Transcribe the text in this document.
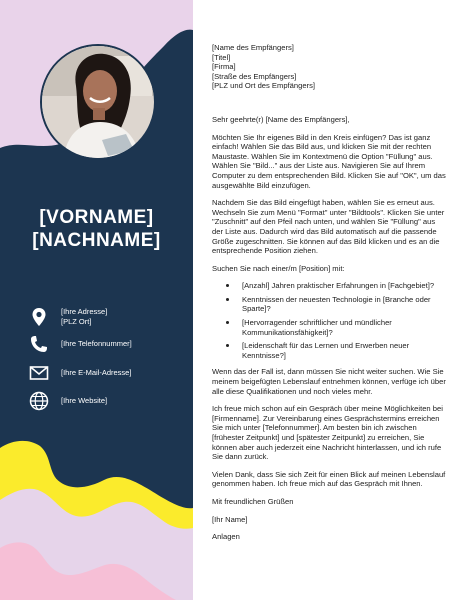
[VORNAME]
[NACHNAME]
[Ihre Adresse]
[PLZ Ort]
[Ihre Telefonnummer]
[Ihre E-Mail-Adresse]
[Ihre Website]
[Name des Empfängers]
[Titel]
[Firma]
[Straße des Empfängers]
[PLZ und Ort des Empfängers]

Sehr geehrte(r) [Name des Empfängers],

Möchten Sie Ihr eigenes Bild in den Kreis einfügen? Das ist ganz einfach! Wählen Sie das Bild aus, und klicken Sie mit der rechten Maustaste. Wählen Sie im Kontextmenü die Option "Füllung" aus. Wählen Sie "Bild..." aus der Liste aus. Navigieren Sie auf Ihrem Computer zu dem entsprechenden Bild. Klicken Sie auf "OK", um das ausgewählte Bild einzufügen.

Nachdem Sie das Bild eingefügt haben, wählen Sie es erneut aus. Wechseln Sie zum Menü "Format" unter "Bildtools". Klicken Sie unter "Zuschnitt" auf den Pfeil nach unten, und wählen Sie "Füllung" aus der Liste aus. Dadurch wird das Bild automatisch auf die passende Größe zugeschnitten. Sie können auf das Bild klicken und es an die entsprechende Position ziehen.

Suchen Sie nach einer/m [Position] mit:

• [Anzahl] Jahren praktischer Erfahrungen in [Fachgebiet]?
• Kenntnissen der neuesten Technologie in [Branche oder Sparte]?
• [Hervorragender schriftlicher und mündlicher Kommunikationsfähigkeit]?
• [Leidenschaft für das Lernen und Erwerben neuer Kenntnisse?]

Wenn das der Fall ist, dann müssen Sie nicht weiter suchen. Wie Sie meinem beigefügten Lebenslauf entnehmen können, verfüge ich über alle diese Qualifikationen und noch vieles mehr.

Ich freue mich schon auf ein Gespräch über meine Möglichkeiten bei [Firmenname]. Zur Vereinbarung eines Gesprächstermins erreichen Sie mich unter [Telefonnummer]. Am besten bin ich zwischen [frühester Zeitpunkt] und [spätester Zeitpunkt] zu erreichen, Sie können aber auch jederzeit eine Nachricht hinterlassen, und ich rufe Sie dann zurück.

Vielen Dank, dass Sie sich Zeit für einen Blick auf meinen Lebenslauf genommen haben. Ich freue mich auf das Gespräch mit Ihnen.

Mit freundlichen Grüßen

[Ihr Name]

Anlagen
